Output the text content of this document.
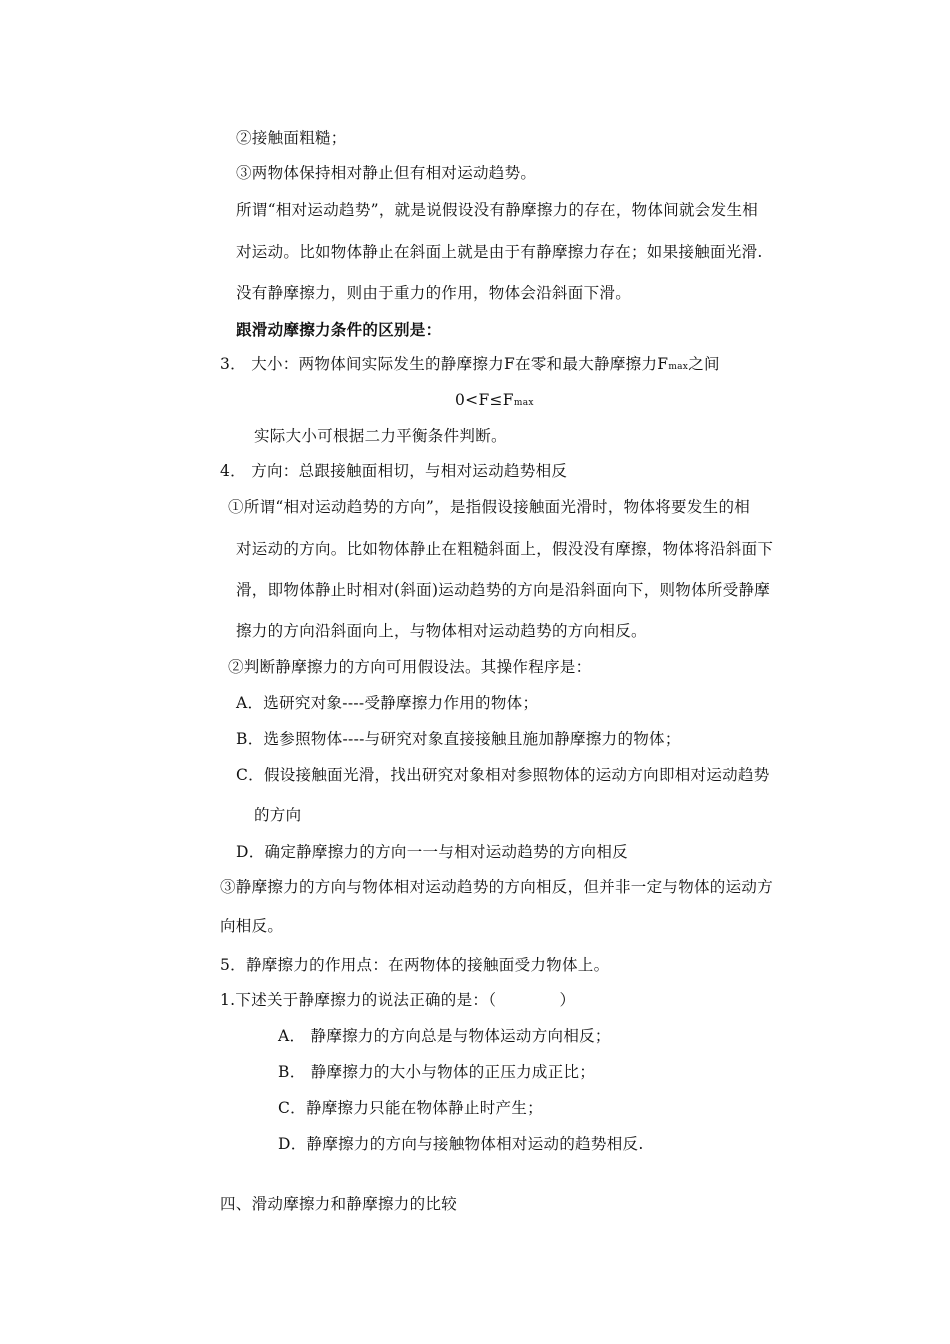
②接触面粗糙；
③两物体保持相对静止但有相对运动趋势。
所谓“相对运动趋势”，就是说假设没有静摩擦力的存在，物体间就会发生相
对运动。比如物体静止在斜面上就是由于有静摩擦力存在；如果接触面光滑.
没有静摩擦力，则由于重力的作用，物体会沿斜面下滑。
跟滑动摩擦力条件的区别是：
3． 大小：两物体间实际发生的静摩擦力F在零和最大静摩擦力Fmax之间
0<F≤Fmax
实际大小可根据二力平衡条件判断。
4． 方向：总跟接触面相切，与相对运动趋势相反
①所谓“相对运动趋势的方向”，是指假设接触面光滑时，物体将要发生的相
对运动的方向。比如物体静止在粗糙斜面上，假没没有摩擦，物体将沿斜面下
滑，即物体静止时相对(斜面)运动趋势的方向是沿斜面向下，则物体所受静摩
擦力的方向沿斜面向上，与物体相对运动趋势的方向相反。
②判断静摩擦力的方向可用假设法。其操作程序是：
A．选研究对象----受静摩擦力作用的物体；
B．选参照物体----与研究对象直接接触且施加静摩擦力的物体；
C．假设接触面光滑，找出研究对象相对参照物体的运动方向即相对运动趋势
的方向
D．确定静摩擦力的方向一一与相对运动趋势的方向相反
③静摩擦力的方向与物体相对运动趋势的方向相反，但并非一定与物体的运动方
向相反。
5．静摩擦力的作用点：在两物体的接触面受力物体上。
1.下述关于静摩擦力的说法正确的是：（　　　　）
A． 静摩擦力的方向总是与物体运动方向相反；
B． 静摩擦力的大小与物体的正压力成正比；
C．静摩擦力只能在物体静止时产生；
D．静摩擦力的方向与接触物体相对运动的趋势相反.
四、滑动摩擦力和静摩擦力的比较
